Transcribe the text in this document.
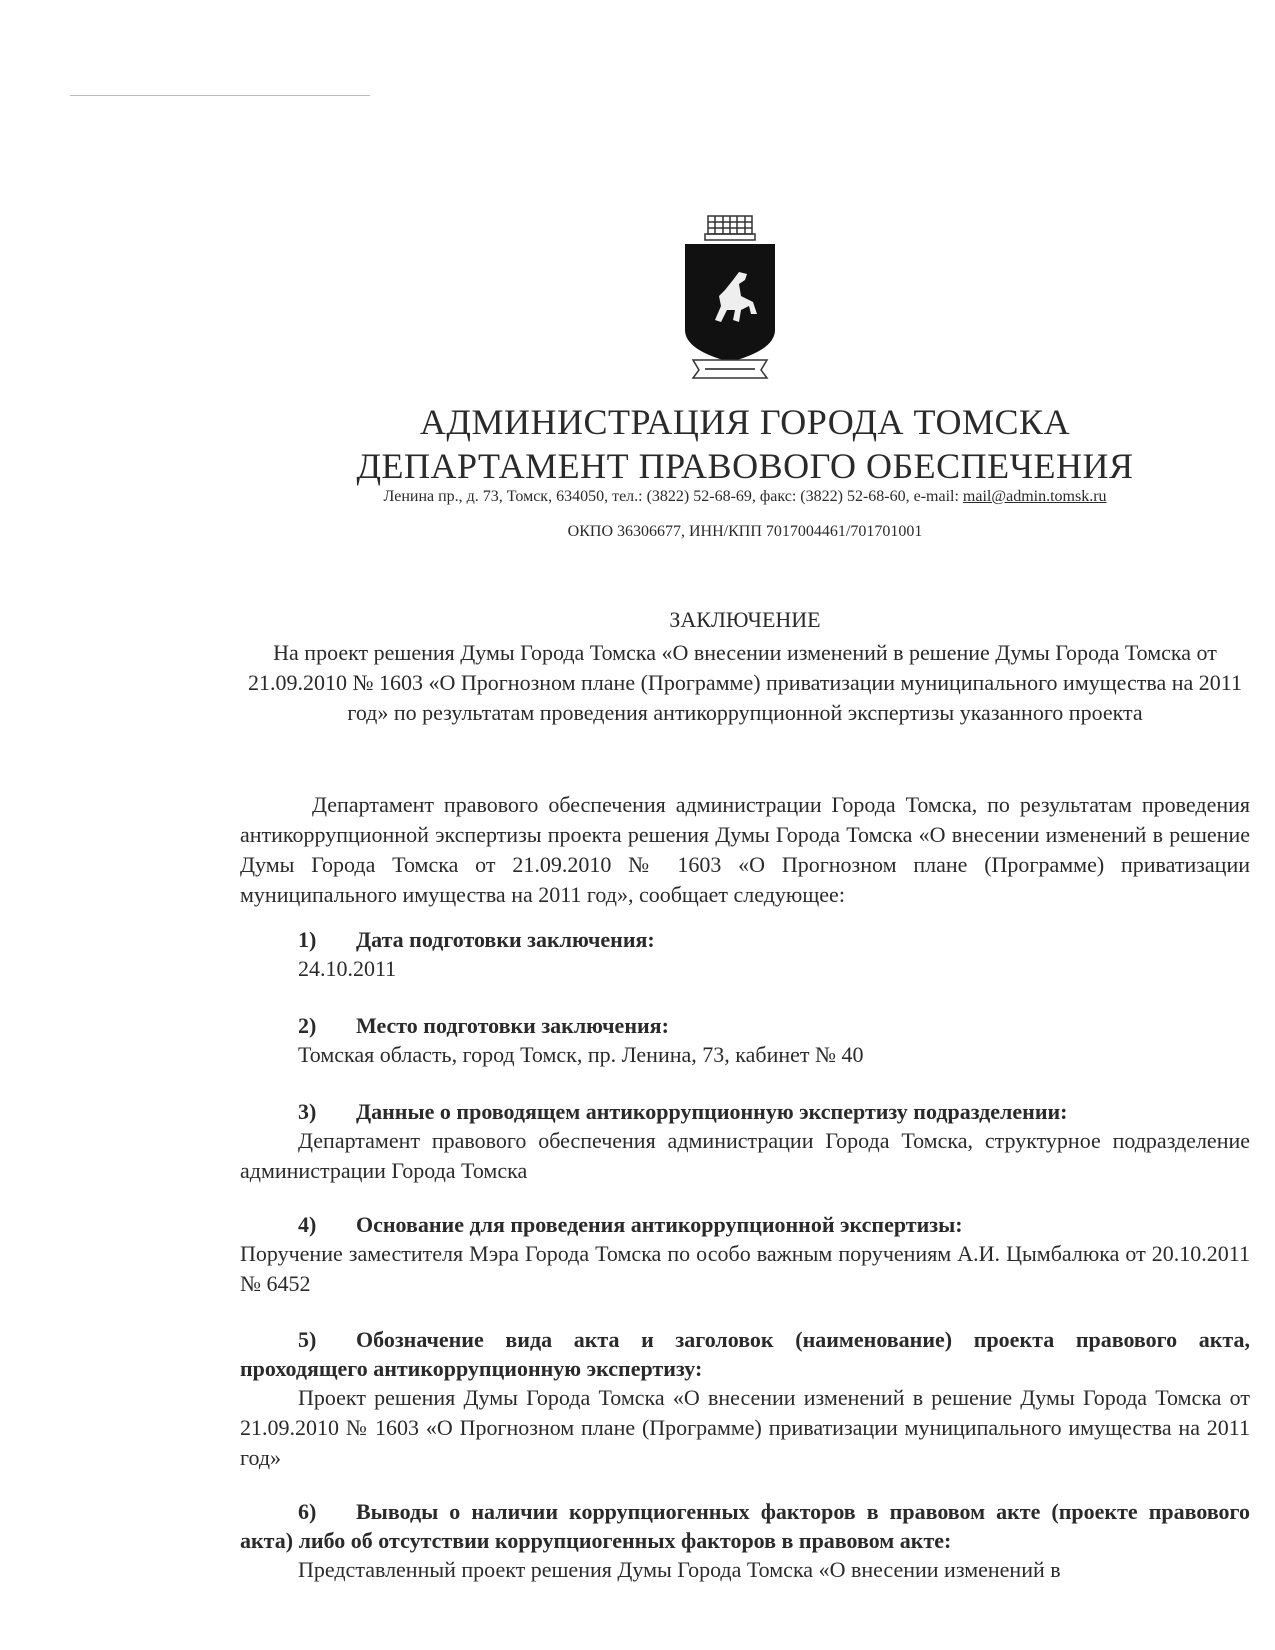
АДМИНИСТРАЦИЯ ГОРОДА ТОМСКА
ДЕПАРТАМЕНТ ПРАВОВОГО ОБЕСПЕЧЕНИЯ
Ленина пр., д. 73, Томск, 634050, тел.: (3822) 52-68-69, факс: (3822) 52-68-60, e-mail: mail@admin.tomsk.ru
ОКПО 36306677, ИНН/КПП 7017004461/701701001
ЗАКЛЮЧЕНИЕ
На проект решения Думы Города Томска «О внесении изменений в решение Думы Города Томска от 21.09.2010 № 1603 «О Прогнозном плане (Программе) приватизации муниципального имущества на 2011 год» по результатам проведения антикоррупционной экспертизы указанного проекта
Департамент правового обеспечения администрации Города Томска, по результатам проведения антикоррупционной экспертизы проекта решения Думы Города Томска «О внесении изменений в решение Думы Города Томска от 21.09.2010 № 1603 «О Прогнозном плане (Программе) приватизации муниципального имущества на 2011 год», сообщает следующее:
1) Дата подготовки заключения:
24.10.2011
2) Место подготовки заключения:
Томская область, город Томск, пр. Ленина, 73, кабинет № 40
3) Данные о проводящем антикоррупционную экспертизу подразделении:
Департамент правового обеспечения администрации Города Томска, структурное подразделение администрации Города Томска
4) Основание для проведения антикоррупционной экспертизы:
Поручение заместителя Мэра Города Томска по особо важным поручениям А.И. Цымбалюка от 20.10.2011 № 6452
5) Обозначение вида акта и заголовок (наименование) проекта правового акта, проходящего антикоррупционную экспертизу:
Проект решения Думы Города Томска «О внесении изменений в решение Думы Города Томска от 21.09.2010 № 1603 «О Прогнозном плане (Программе) приватизации муниципального имущества на 2011 год»
6) Выводы о наличии коррупциогенных факторов в правовом акте (проекте правового акта) либо об отсутствии коррупциогенных факторов в правовом акте:
Представленный проект решения Думы Города Томска «О внесении изменений в
